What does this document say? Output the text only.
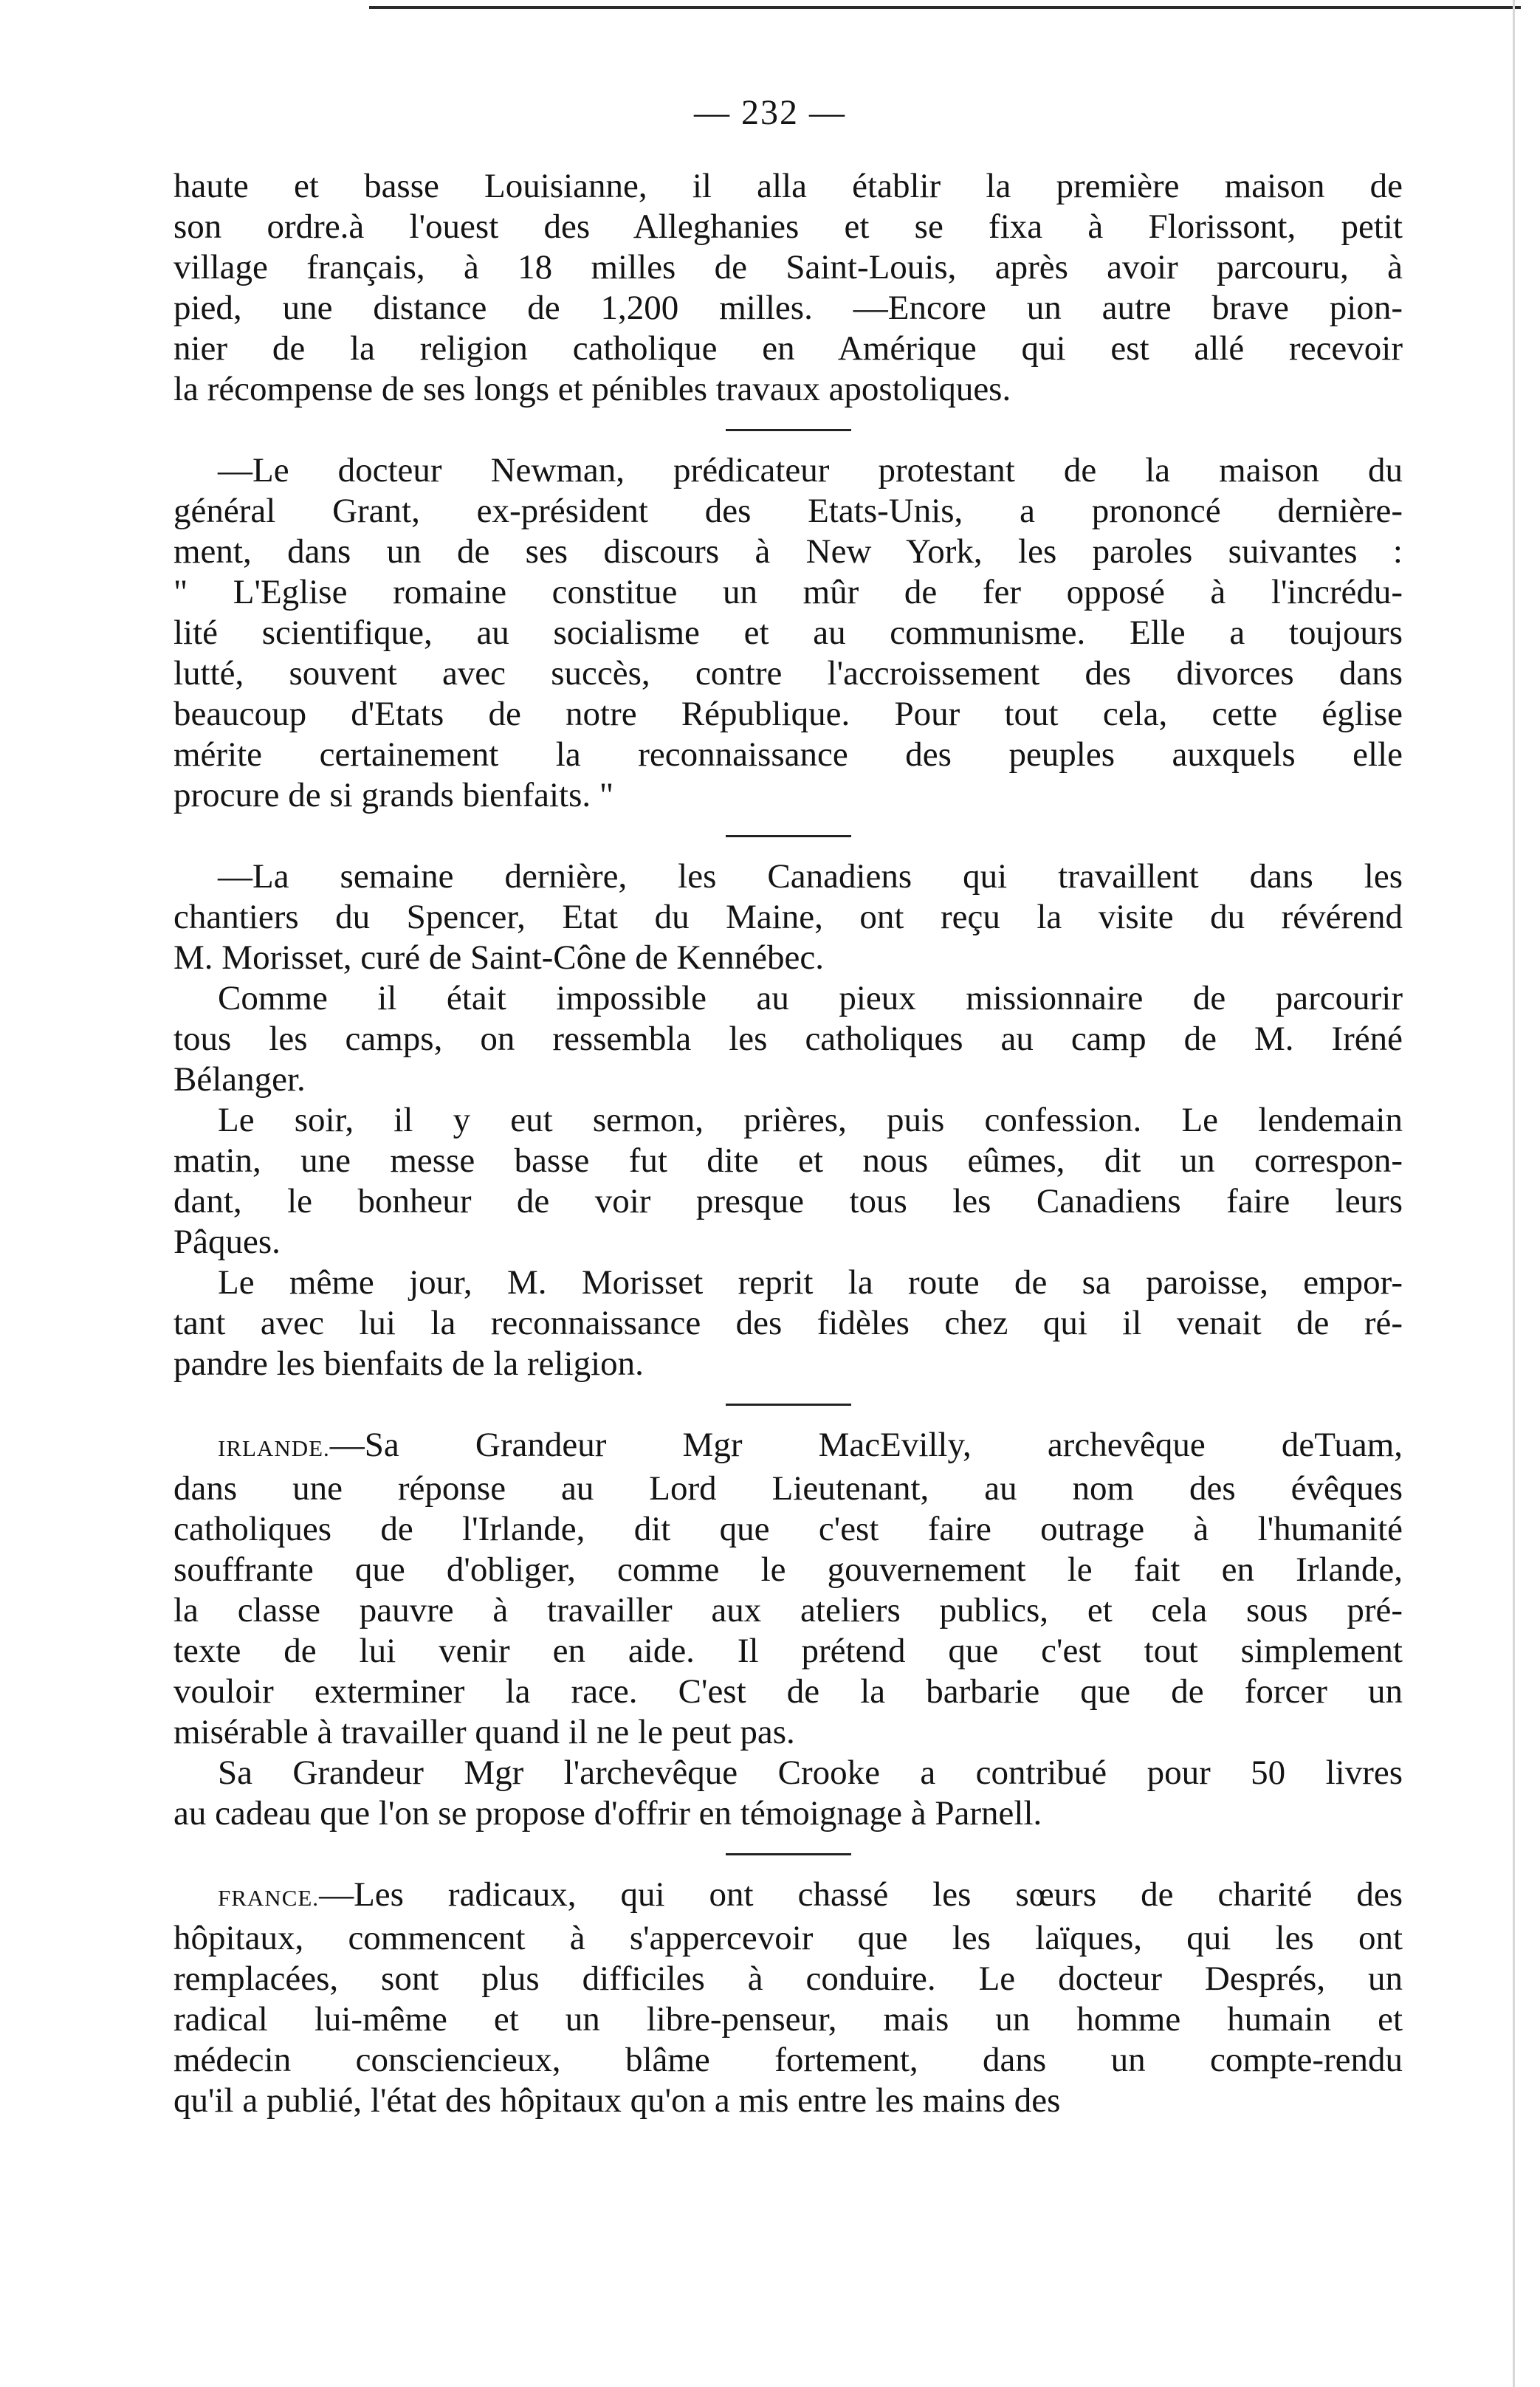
— 232 —

haute et basse Louisianne, il alla établir la première maison de
son ordre.à l'ouest des Alleghanies et se fixa à Florissont, petit
village français, à 18 milles de Saint-Louis, après avoir parcouru, à
pied, une distance de 1,200 milles. —Encore un autre brave pion-
nier de la religion catholique en Amérique qui est allé recevoir
la récompense de ses longs et pénibles travaux apostoliques.

—Le docteur Newman, prédicateur protestant de la maison du
général Grant, ex-président des Etats-Unis, a prononcé dernière-
ment, dans un de ses discours à New York, les paroles suivantes :
" L'Eglise romaine constitue un mûr de fer opposé à l'incrédu-
lité scientifique, au socialisme et au communisme. Elle a toujours
lutté, souvent avec succès, contre l'accroissement des divorces dans
beaucoup d'Etats de notre République. Pour tout cela, cette église
mérite certainement la reconnaissance des peuples auxquels elle
procure de si grands bienfaits. "

—La semaine dernière, les Canadiens qui travaillent dans les
chantiers du Spencer, Etat du Maine, ont reçu la visite du révérend
M. Morisset, curé de Saint-Cône de Kennébec.

Comme il était impossible au pieux missionnaire de parcourir
tous les camps, on ressembla les catholiques au camp de M. Iréné
Bélanger.

Le soir, il y eut sermon, prières, puis confession. Le lendemain
matin, une messe basse fut dite et nous eûmes, dit un correspon-
dant, le bonheur de voir presque tous les Canadiens faire leurs
Pâques.

Le même jour, M. Morisset reprit la route de sa paroisse, empor-
tant avec lui la reconnaissance des fidèles chez qui il venait de ré-
pandre les bienfaits de la religion.

IRLANDE.—Sa Grandeur Mgr MacEvilly, archevêque deTuam,
dans une réponse au Lord Lieutenant, au nom des évêques
catholiques de l'Irlande, dit que c'est faire outrage à l'humanité
souffrante que d'obliger, comme le gouvernement le fait en Irlande,
la classe pauvre à travailler aux ateliers publics, et cela sous pré-
texte de lui venir en aide. Il prétend que c'est tout simplement
vouloir exterminer la race. C'est de la barbarie que de forcer un
misérable à travailler quand il ne le peut pas.

Sa Grandeur Mgr l'archevêque Crooke a contribué pour 50 livres
au cadeau que l'on se propose d'offrir en témoignage à Parnell.

FRANCE.—Les radicaux, qui ont chassé les sœurs de charité des
hôpitaux, commencent à s'appercevoir que les laïques, qui les ont
remplacées, sont plus difficiles à conduire. Le docteur Després, un
radical lui-même et un libre-penseur, mais un homme humain et
médecin consciencieux, blâme fortement, dans un compte-rendu
qu'il a publié, l'état des hôpitaux qu'on a mis entre les mains des
